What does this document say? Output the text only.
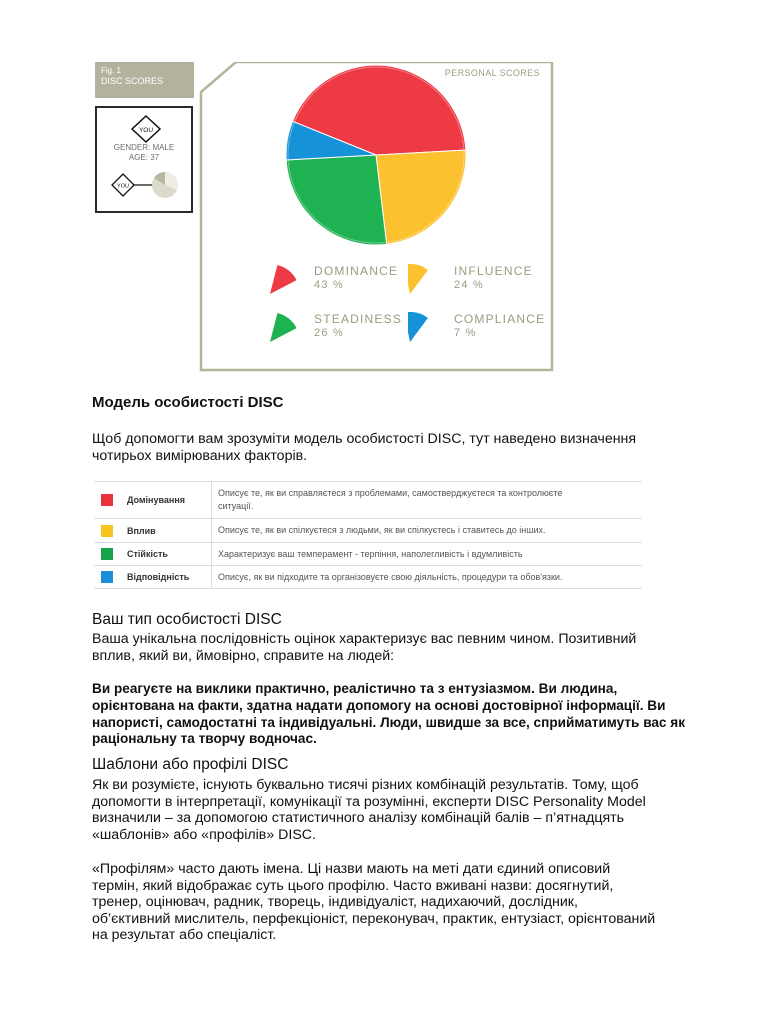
Fig. 1
DISC SCORES
YOU
YOU
GENDER: MALE
AGE: 37
PERSONAL SCORES
DOMINANCE
43 %
INFLUENCE
24 %
STEADINESS
26 %
COMPLIANCE
7 %
Модель особистості DISC

Щоб допомогти вам зрозуміти модель особистості DISC, тут наведено визначення
чотирьох вимірюваних факторів.

	Домінування	Описує те, як ви справляєтеся з проблемами, самостверджуєтеся та контролюєте
ситуації.
	Вплив	Описує те, як ви спілкуєтеся з людьми, як ви спілкуєтесь і ставитесь до інших.
	Стійкість	Характеризує ваш темперамент - терпіння, наполегливість і вдумливість
	Відповідність	Описує, як ви підходите та організовуєте свою діяльність, процедури та обов'язки.
Ваш тип особистості DISC

Ваша унікальна послідовність оцінок характеризує вас певним чином. Позитивний
вплив, який ви, ймовірно, справите на людей:

Ви реагуєте на виклики практично, реалістично та з ентузіазмом. Ви людина,
орієнтована на факти, здатна надати допомогу на основі достовірної інформації. Ви
напористі, самодостатні та індивідуальні. Люди, швидше за все, сприйматимуть вас як
раціональну та творчу водночас.

Шаблони або профілі DISC

Як ви розумієте, існують буквально тисячі різних комбінацій результатів. Тому, щоб
допомогти в інтерпретації, комунікації та розумінні, експерти DISC Personality Model
визначили – за допомогою статистичного аналізу комбінацій балів – п’ятнадцять
«шаблонів» або «профілів» DISC.

«Профілям» часто дають імена. Ці назви мають на меті дати єдиний описовий
термін, який відображає суть цього профілю. Часто вживані назви: досягнутий,
тренер, оцінювач, радник, творець, індивідуаліст, надихаючий, дослідник,
об’єктивний мислитель, перфекціоніст, переконувач, практик, ентузіаст, орієнтований
на результат або спеціаліст.
